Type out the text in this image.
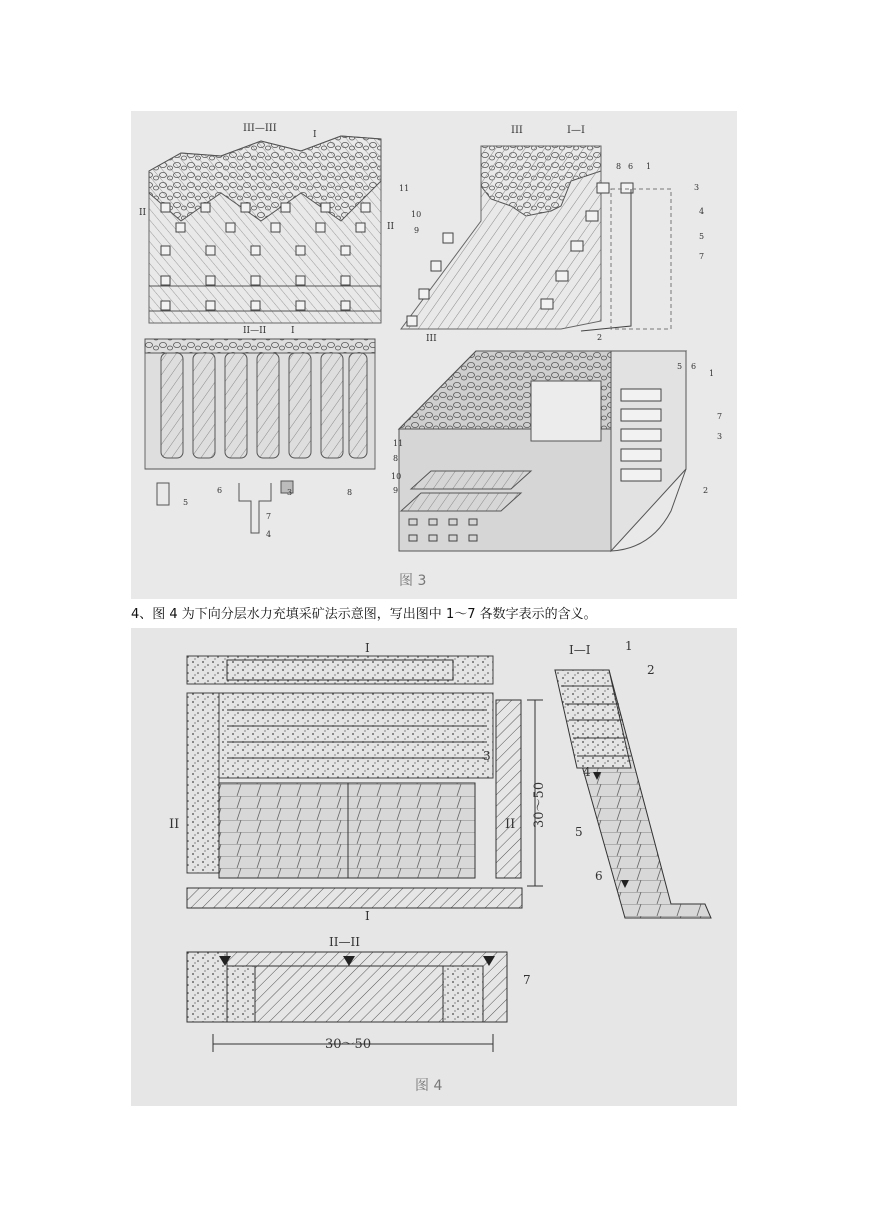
III—III
I
I
II
II
III	I—I
III
8 6 1
3
4
5
7
2
11
10
9
II—II
5
6	3	8
7
4
11
8
10
9
5 6
1
7
3
2
图 3
4、图 4 为下向分层水力充填采矿法示意图，写出图中 1～7 各数字表示的含义。
I
I
II	II
3
30～50
I—I	1
2
4
5
6
II—II
7
30～50
图 4
